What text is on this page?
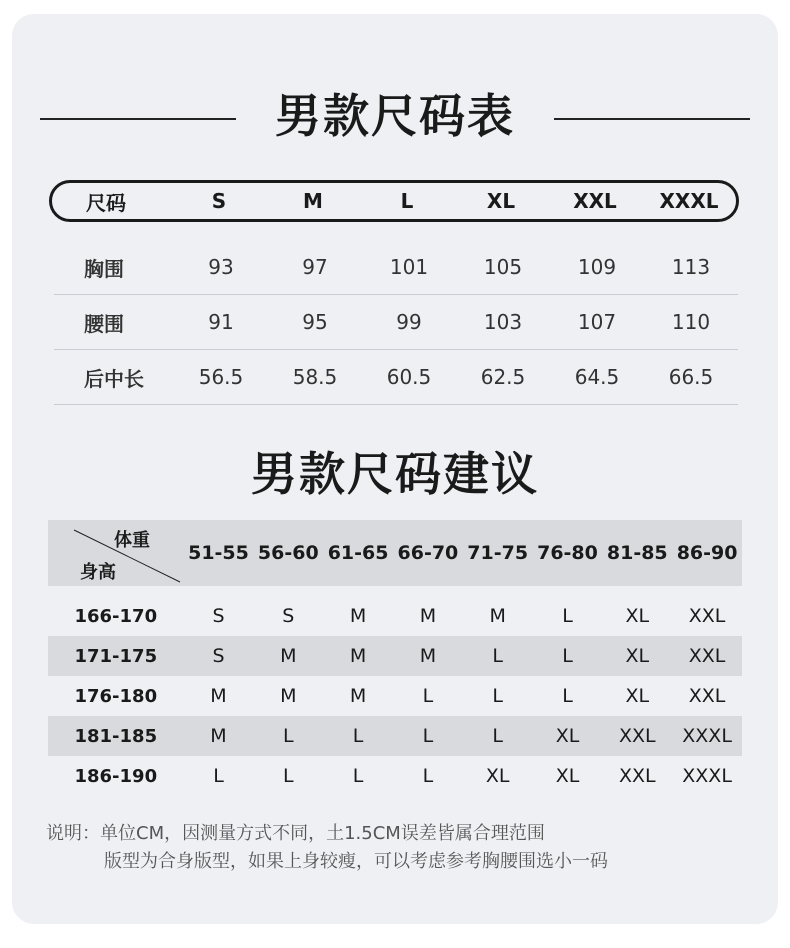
男款尺码表
尺码	S	M	L	XL	XXL	XXXL
胸围	93	97	101	105	109	113
腰围	91	95	99	103	107	110
后中长	56.5	58.5	60.5	62.5	64.5	66.5
男款尺码建议
体重
身高
51-55 56-60 61-65 66-70 71-75 76-80 81-85 86-90
166-170	S	S	M	M	M	L	XL	XXL
171-175	S	M	M	M	L	L	XL	XXL
176-180	M	M	M	L	L	L	XL	XXL
181-185	M	L	L	L	L	XL	XXL	XXXL
186-190	L	L	L	L	XL	XL	XXL	XXXL
说明：单位CM，因测量方式不同，土1.5CM误差皆属合理范围
版型为合身版型，如果上身较瘦，可以考虑参考胸腰围选小一码
